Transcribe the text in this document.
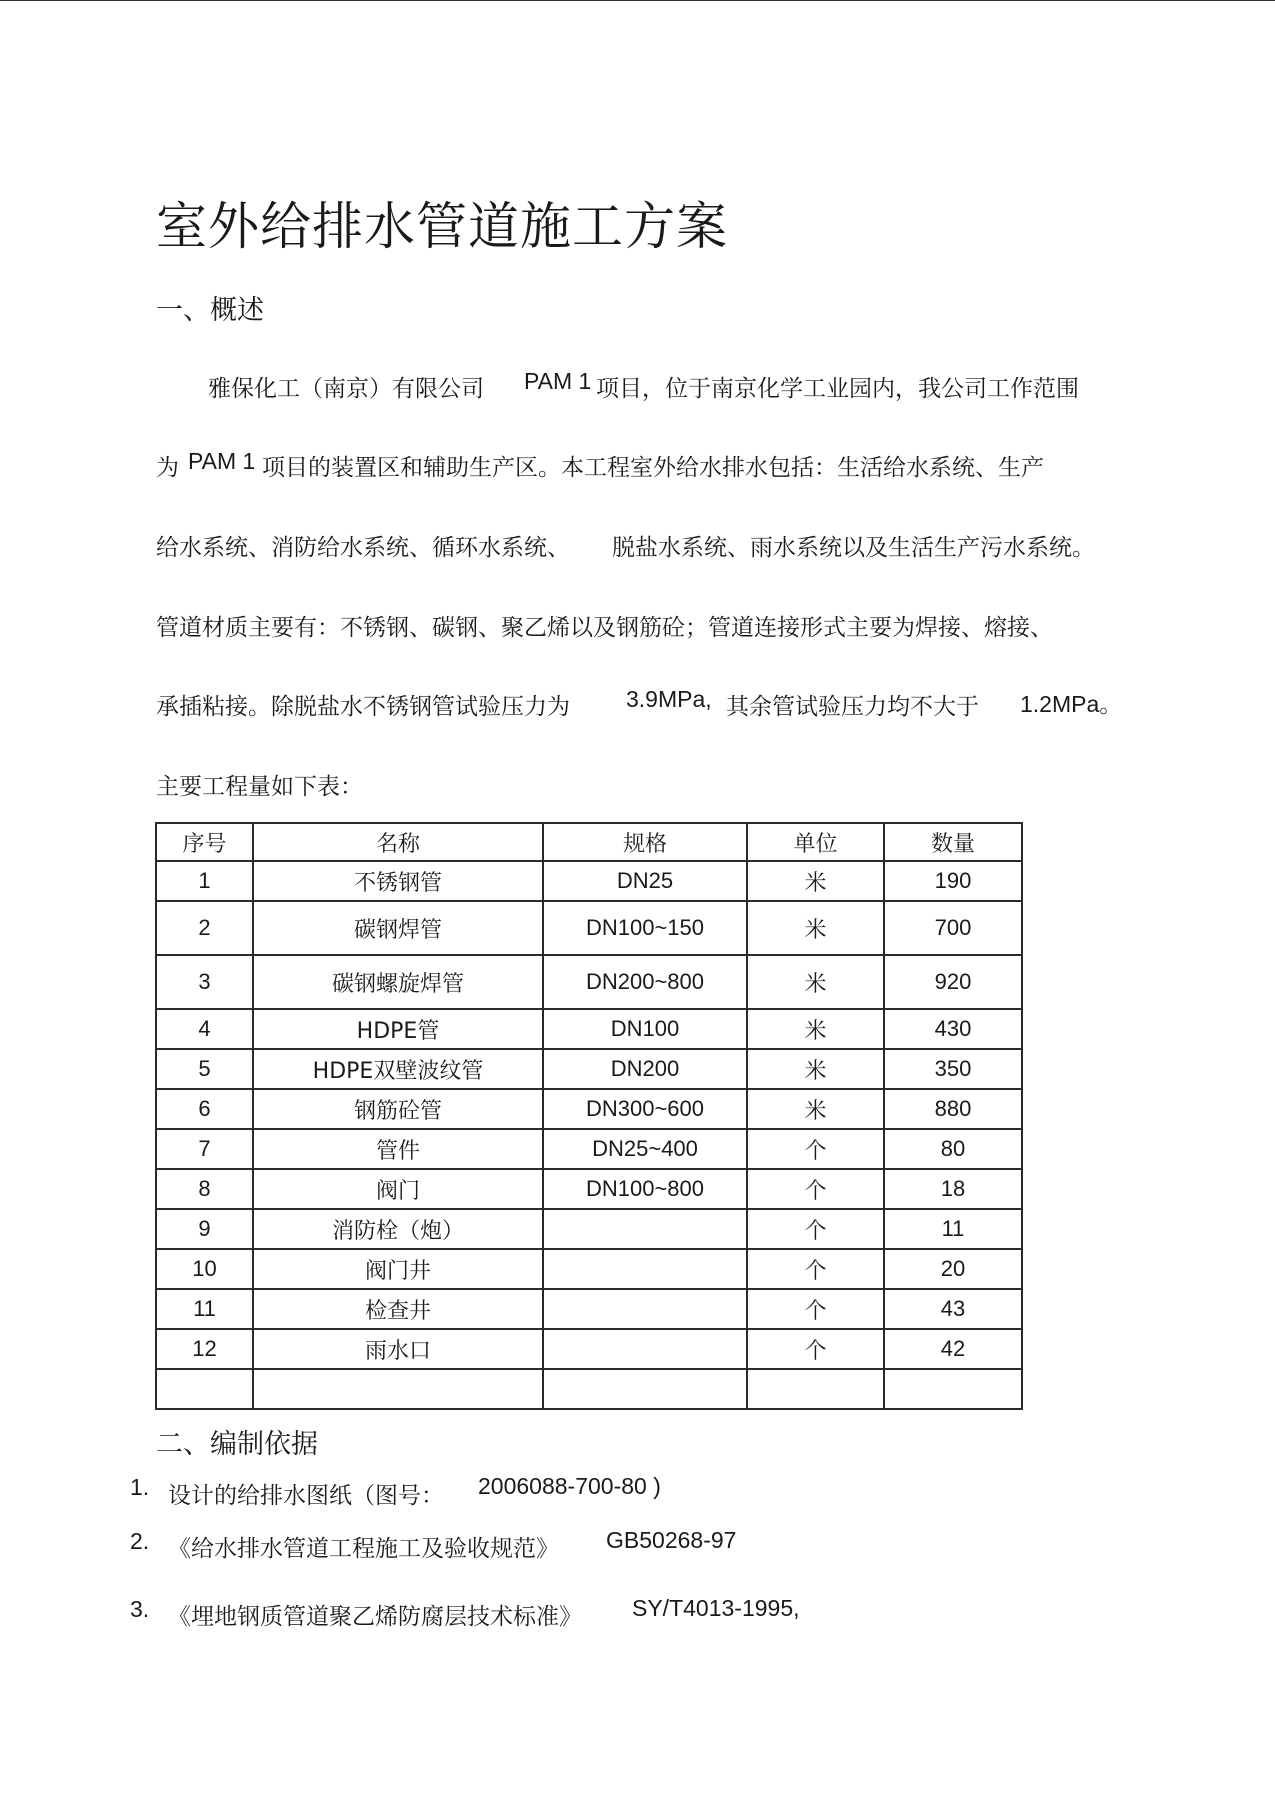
室外给排水管道施工方案
一、概述
雅保化工（南京）有限公司 PAM 1 项目，位于南京化学工业园内，我公司工作范围
为 PAM 1 项目的装置区和辅助生产区。本工程室外给水排水包括：生活给水系统、生产
给水系统、消防给水系统、循环水系统、 脱盐水系统、雨水系统以及生活生产污水系统。
管道材质主要有：不锈钢、碳钢、聚乙烯以及钢筋砼；管道连接形式主要为焊接、熔接、
承插粘接。除脱盐水不锈钢管试验压力为 3.9MPa, 其余管试验压力均不大于 1.2MPa。
主要工程量如下表：
序号	名称	规格	单位	数量
1	不锈钢管	DN25	米	190
2	碳钢焊管	DN100~150	米	700
3	碳钢螺旋焊管	DN200~800	米	920
4	HDPE管	DN100	米	430
5	HDPE双壁波纹管	DN200	米	350
6	钢筋砼管	DN300~600	米	880
7	管件	DN25~400	个	80
8	阀门	DN100~800	个	18
9	消防栓（炮）		个	11
10	阀门井		个	20
11	检查井		个	43
12	雨水口		个	42

二、编制依据
1. 设计的给排水图纸（图号： 2006088-700-80 )
2. 《给水排水管道工程施工及验收规范》 GB50268-97
3. 《埋地钢质管道聚乙烯防腐层技术标准》 SY/T4013-1995,
